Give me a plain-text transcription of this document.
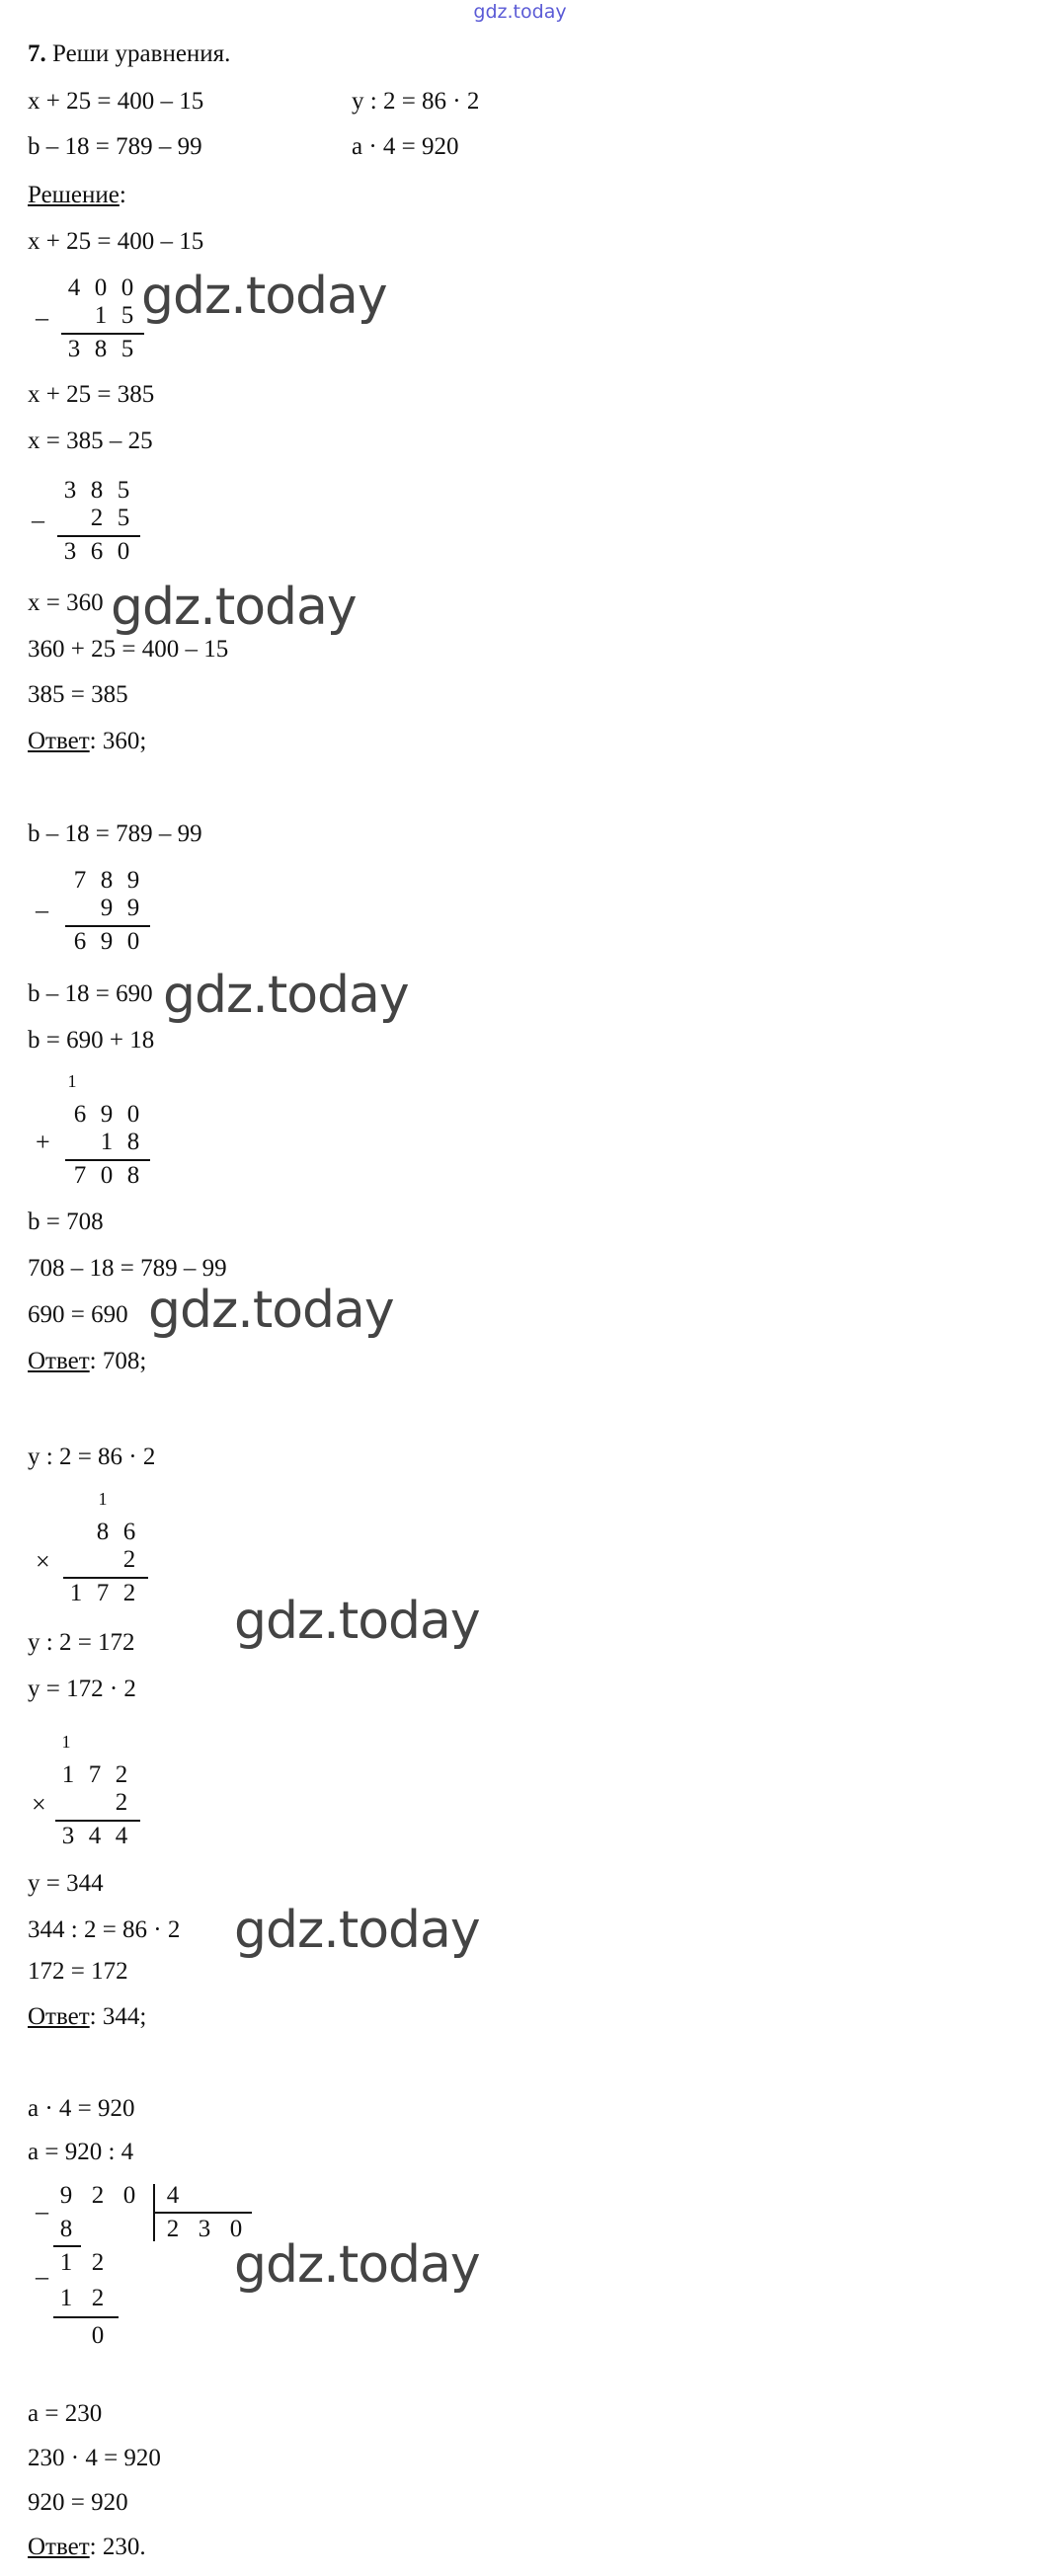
gdz.today
7. Реши уравнения.
x + 25 = 400 – 15	y : 2 = 86 · 2
b – 18 = 789 – 99	a · 4 = 920
Решение:
x + 25 = 400 – 15
–
4 0 0
1 5
3 8 5
gdz.today
x + 25 = 385
x = 385 – 25
–
3 8 5
2 5
3 6 0
x = 360 gdz.today
360 + 25 = 400 – 15
385 = 385
Ответ: 360;
b – 18 = 789 – 99
–
7 8 9
9 9
6 9 0
b – 18 = 690 gdz.today
b = 690 + 18
1
+
6 9 0
1 8
7 0 8
b = 708
708 – 18 = 789 – 99
690 = 690 gdz.today
Ответ: 708;
y : 2 = 86 · 2
1
×
8 6
2
1 7 2 gdz.today
y : 2 = 172
y = 172 · 2
1
×
1 7 2
2
3 4 4
y = 344
344 : 2 = 86 · 2 gdz.today
172 = 172
Ответ: 344;
a · 4 = 920
a = 920 : 4
–
9 2 0 4
2 3 0
8
– 1 2
1 2
0
gdz.today
a = 230
230 · 4 = 920
920 = 920
Ответ: 230.
